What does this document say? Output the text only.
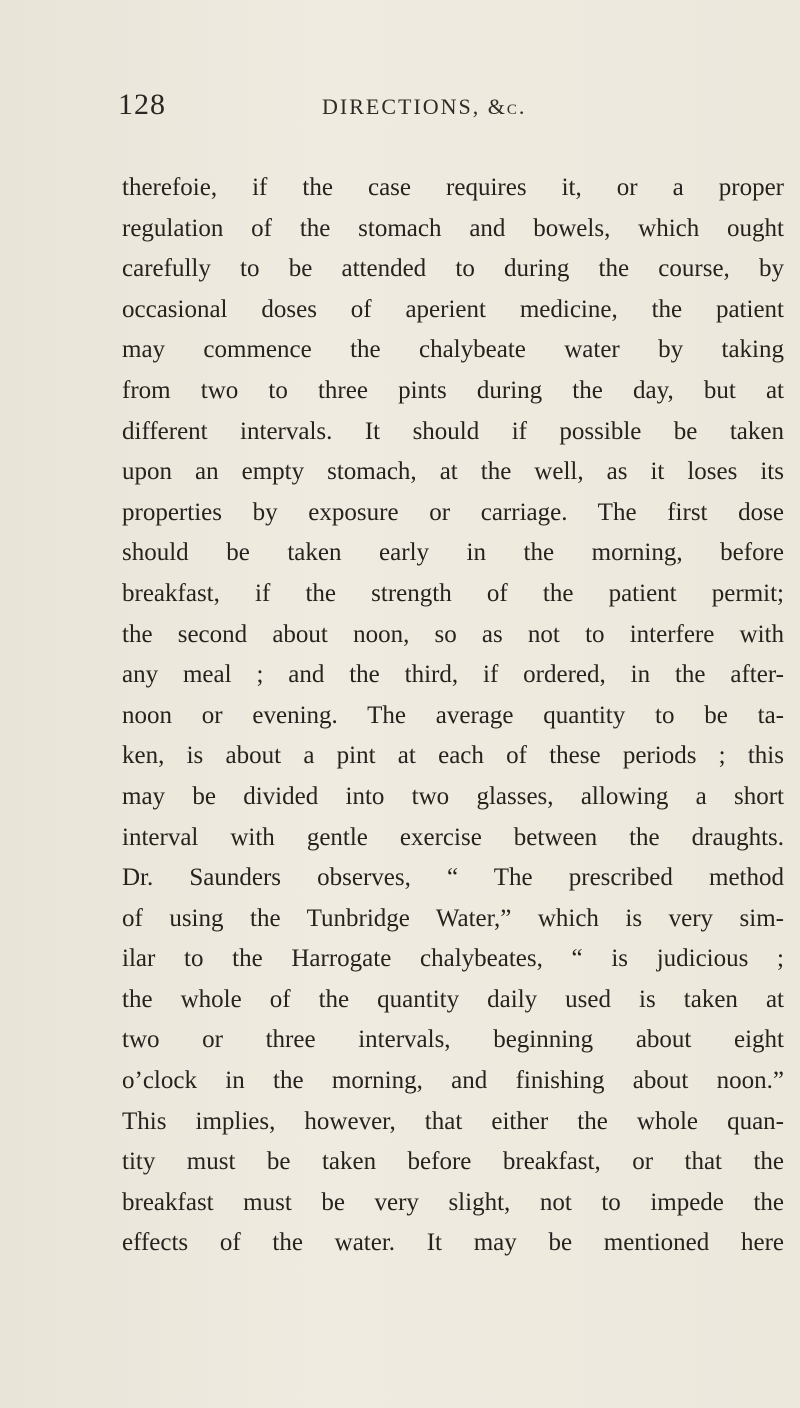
128	DIRECTIONS, &c.
therefoie, if the case requires it, or a proper
regulation of the stomach and bowels, which ought
carefully to be attended to during the course, by
occasional doses of aperient medicine, the patient
may commence the chalybeate water by taking
from two to three pints during the day, but at
different intervals. It should if possible be taken
upon an empty stomach, at the well, as it loses its
properties by exposure or carriage. The first dose
should be taken early in the morning, before
breakfast, if the strength of the patient permit;
the second about noon, so as not to interfere with
any meal ; and the third, if ordered, in the after-
noon or evening. The average quantity to be ta-
ken, is about a pint at each of these periods ; this
may be divided into two glasses, allowing a short
interval with gentle exercise between the draughts.
Dr. Saunders observes, “ The prescribed method
of using the Tunbridge Water,” which is very sim-
ilar to the Harrogate chalybeates, “ is judicious ;
the whole of the quantity daily used is taken at
two or three intervals, beginning about eight
o’clock in the morning, and finishing about noon.”
This implies, however, that either the whole quan-
tity must be taken before breakfast, or that the
breakfast must be very slight, not to impede the
effects of the water. It may be mentioned here
